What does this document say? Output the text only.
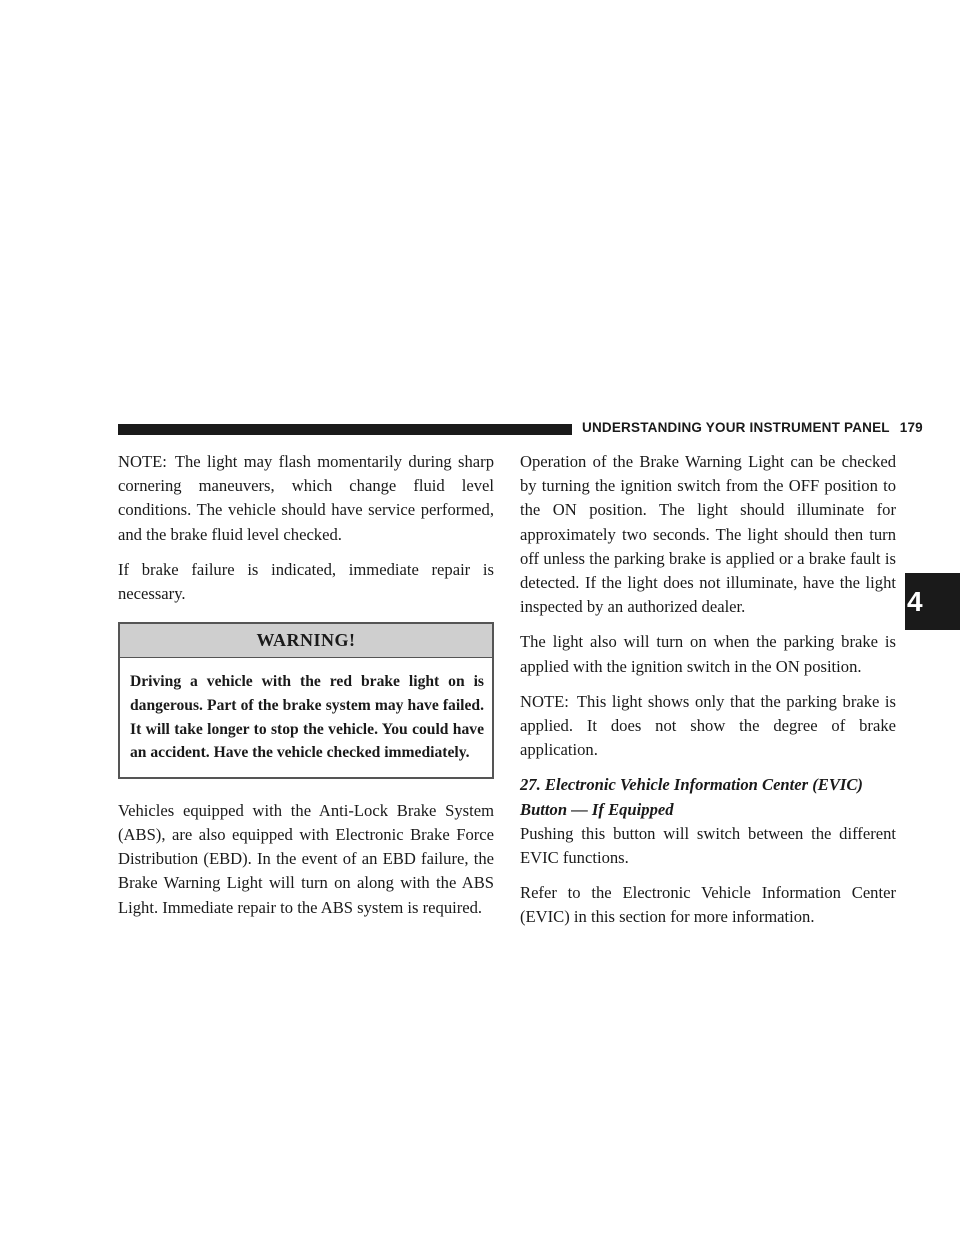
UNDERSTANDING YOUR INSTRUMENT PANEL 179
4

NOTE: The light may flash momentarily during sharp cornering maneuvers, which change fluid level conditions. The vehicle should have service performed, and the brake fluid level checked.

If brake failure is indicated, immediate repair is necessary.

WARNING!
Driving a vehicle with the red brake light on is dangerous. Part of the brake system may have failed. It will take longer to stop the vehicle. You could have an accident. Have the vehicle checked immediately.

Vehicles equipped with the Anti-Lock Brake System (ABS), are also equipped with Electronic Brake Force Distribution (EBD). In the event of an EBD failure, the Brake Warning Light will turn on along with the ABS Light. Immediate repair to the ABS system is required.

Operation of the Brake Warning Light can be checked by turning the ignition switch from the OFF position to the ON position. The light should illuminate for approximately two seconds. The light should then turn off unless the parking brake is applied or a brake fault is detected. If the light does not illuminate, have the light inspected by an authorized dealer.

The light also will turn on when the parking brake is applied with the ignition switch in the ON position.

NOTE: This light shows only that the parking brake is applied. It does not show the degree of brake application.

27. Electronic Vehicle Information Center (EVIC)
Button — If Equipped

Pushing this button will switch between the different EVIC functions.

Refer to the Electronic Vehicle Information Center (EVIC) in this section for more information.
